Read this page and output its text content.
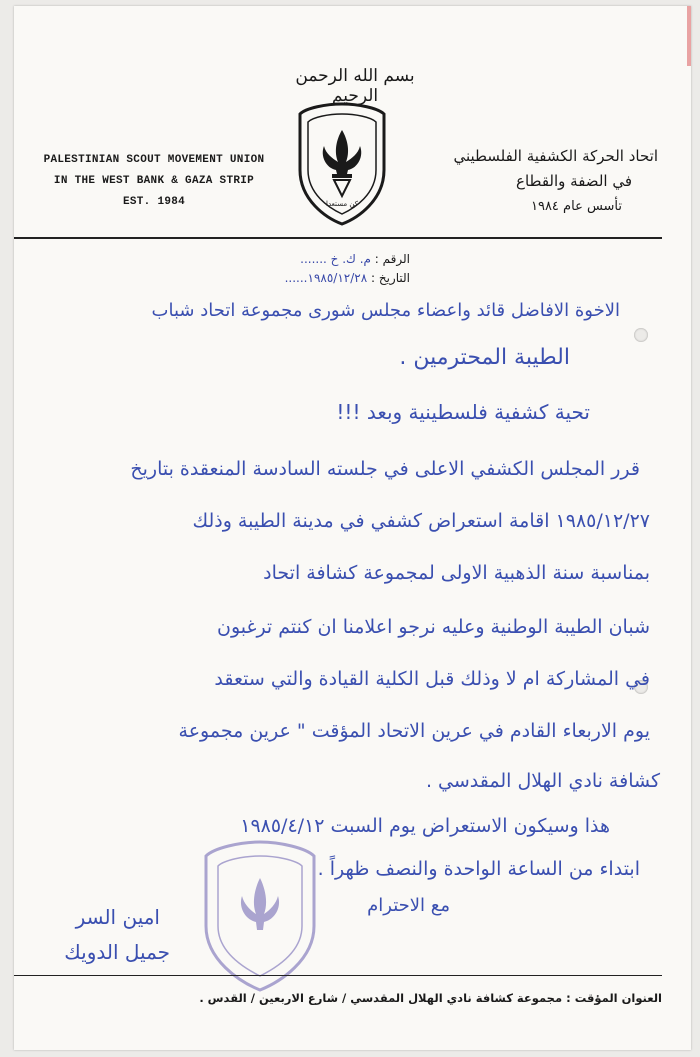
بسم الله الرحمن الرحيم
PALESTINIAN SCOUT MOVEMENT UNION
IN THE WEST BANK & GAZA STRIP
EST. 1984	كن مستعدا
اتحاد الحركة الكشفية الفلسطيني
في الضفة والقطاع
تأسس عام ١٩٨٤
الرقم : م. ك. خ .......
التاريخ : ١٩٨٥/١٢/٢٨......
الاخوة الافاضل قائد واعضاء مجلس شورى مجموعة اتحاد شباب
الطيبة المحترمين .
تحية كشفية فلسطينية وبعد !!!
قرر المجلس الكشفي الاعلى في جلسته السادسة المنعقدة بتاريخ
١٩٨٥/١٢/٢٧ اقامة استعراض كشفي في مدينة الطيبة وذلك
بمناسبة سنة الذهبية الاولى لمجموعة كشافة اتحاد
شبان الطيبة الوطنية وعليه نرجو اعلامنا ان كنتم ترغبون
في المشاركة ام لا وذلك قبل الكلية القيادة والتي ستعقد
يوم الاربعاء القادم في عرين الاتحاد المؤقت " عرين مجموعة
كشافة نادي الهلال المقدسي .
هذا وسيكون الاستعراض يوم السبت ١٩٨٥/٤/١٢
ابتداء من الساعة الواحدة والنصف ظهراً .
مع الاحترام
امين السر
جميل الدويك
العنوان المؤقت : مجموعة كشافة نادي الهلال المقدسي / شارع الاربعين / القدس .
